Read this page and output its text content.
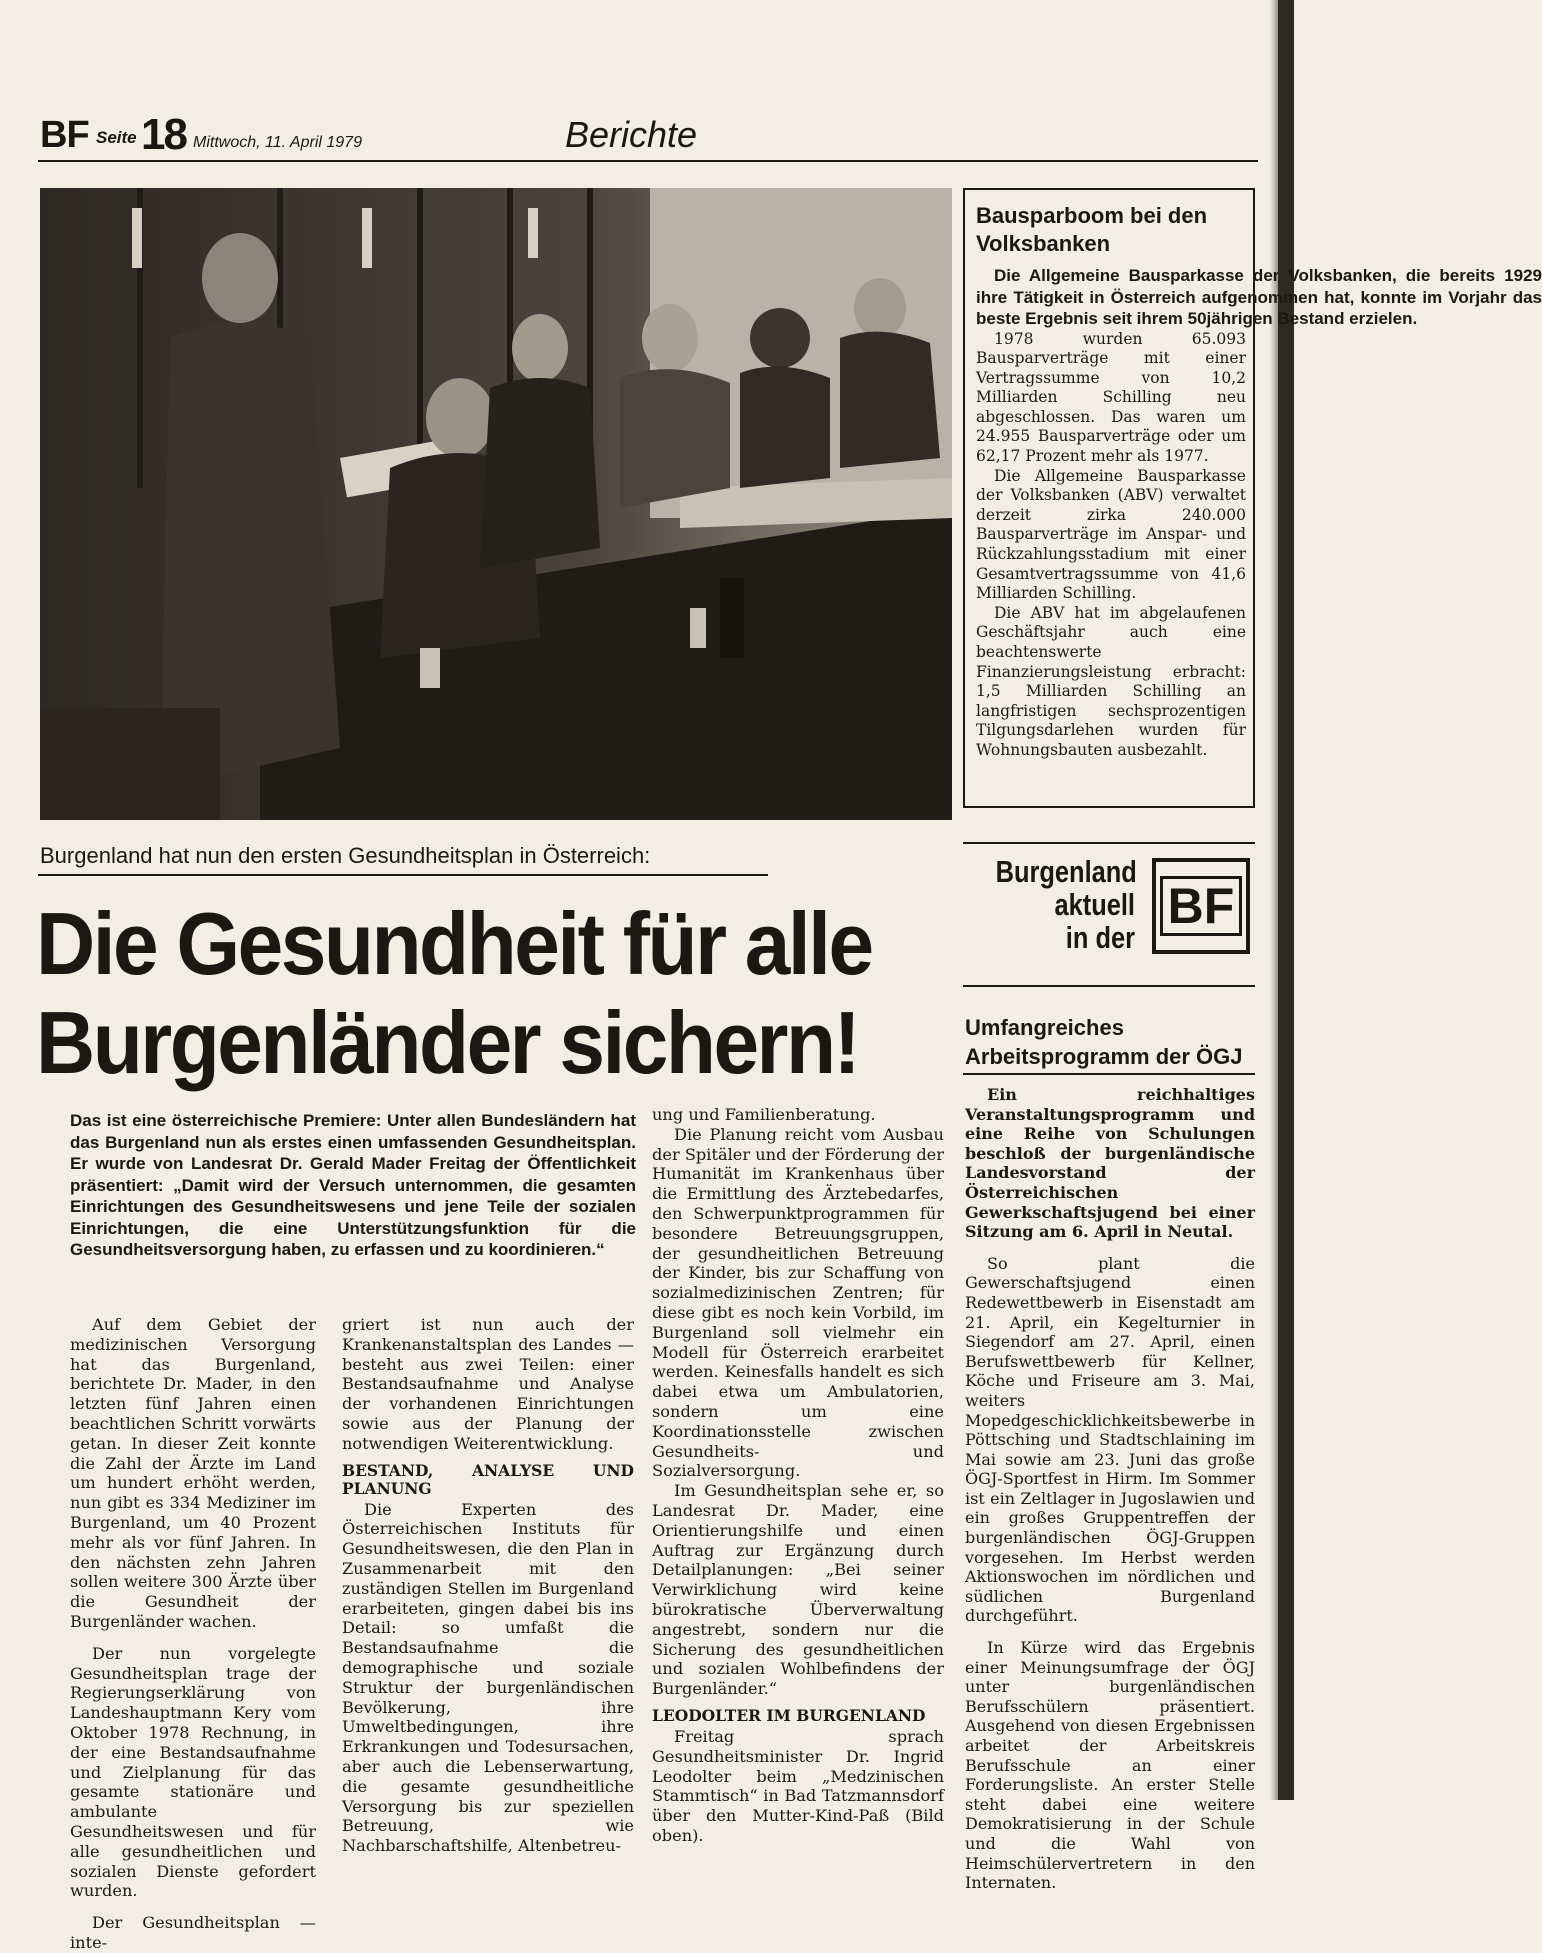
BF Seite 18 Mittwoch, 11. April 1979	Berichte
Bausparboom bei den Volksbanken

Die Allgemeine Bausparkasse der Volksbanken, die bereits 1929 ihre Tätigkeit in Österreich aufgenommen hat, konnte im Vorjahr das beste Ergebnis seit ihrem 50jährigen Bestand erzielen.

1978 wurden 65.093 Bausparverträge mit einer Vertragssumme von 10,2 Milliarden Schilling neu abgeschlossen. Das waren um 24.955 Bausparverträge oder um 62,17 Prozent mehr als 1977.

Die Allgemeine Bausparkasse der Volksbanken (ABV) verwaltet derzeit zirka 240.000 Bausparverträge im Anspar- und Rückzahlungsstadium mit einer Gesamtvertragssumme von 41,6 Milliarden Schilling.

Die ABV hat im abgelaufenen Geschäftsjahr auch eine beachtenswerte Finanzierungsleistung erbracht: 1,5 Milliarden Schilling an langfristigen sechsprozentigen Tilgungsdarlehen wurden für Wohnungsbauten ausbezahlt.

Burgenland hat nun den ersten Gesundheitsplan in Österreich:
Die Gesundheit für alle
Burgenländer sichern!
Burgenland
aktuell
in der
BF
Umfangreiches Arbeitsprogramm der ÖGJ

Ein reichhaltiges Veranstaltungsprogramm und eine Reihe von Schulungen beschloß der burgenländische Landesvorstand der Österreichischen Gewerkschaftsjugend bei einer Sitzung am 6. April in Neutal.

So plant die Gewerschaftsjugend einen Redewettbewerb in Eisenstadt am 21. April, ein Kegelturnier in Siegendorf am 27. April, einen Berufswettbewerb für Kellner, Köche und Friseure am 3. Mai, weiters Mopedgeschicklichkeitsbewerbe in Pöttsching und Stadtschlaining im Mai sowie am 23. Juni das große ÖGJ-Sportfest in Hirm. Im Sommer ist ein Zeltlager in Jugoslawien und ein großes Gruppentreffen der burgenländischen ÖGJ-Gruppen vorgesehen. Im Herbst werden Aktionswochen im nördlichen und südlichen Burgenland durchgeführt.

In Kürze wird das Ergebnis einer Meinungsumfrage der ÖGJ unter burgenländischen Berufsschülern präsentiert. Ausgehend von diesen Ergebnissen arbeitet der Arbeitskreis Berufsschule an einer Forderungsliste. An erster Stelle steht dabei eine weitere Demokratisierung in der Schule und die Wahl von Heimschülervertretern in den Internaten.

Das ist eine österreichische Premiere: Unter allen Bundesländern hat das Burgenland nun als erstes einen umfassenden Gesundheitsplan. Er wurde von Landesrat Dr. Gerald Mader Freitag der Öffentlichkeit präsentiert: „Damit wird der Versuch unternommen, die gesamten Einrichtungen des Gesundheitswesens und jene Teile der sozialen Einrichtungen, die eine Unterstützungsfunktion für die Gesundheitsversorgung haben, zu erfassen und zu koordinieren.“

Auf dem Gebiet der medizinischen Versorgung hat das Burgenland, berichtete Dr. Mader, in den letzten fünf Jahren einen beachtlichen Schritt vorwärts getan. In dieser Zeit konnte die Zahl der Ärzte im Land um hundert erhöht werden, nun gibt es 334 Mediziner im Burgenland, um 40 Prozent mehr als vor fünf Jahren. In den nächsten zehn Jahren sollen weitere 300 Ärzte über die Gesundheit der Burgenländer wachen.

Der nun vorgelegte Gesundheitsplan trage der Regierungserklärung von Landeshauptmann Kery vom Oktober 1978 Rechnung, in der eine Bestandsaufnahme und Zielplanung für das gesamte stationäre und ambulante Gesundheitswesen und für alle gesundheitlichen und sozialen Dienste gefordert wurden.

Der Gesundheitsplan — inte-

griert ist nun auch der Krankenanstaltsplan des Landes — besteht aus zwei Teilen: einer Bestandsaufnahme und Analyse der vorhandenen Einrichtungen sowie aus der Planung der notwendigen Weiterentwicklung.

BESTAND, ANALYSE UND PLANUNG

Die Experten des Österreichischen Instituts für Gesundheitswesen, die den Plan in Zusammenarbeit mit den zuständigen Stellen im Burgenland erarbeiteten, gingen dabei bis ins Detail: so umfaßt die Bestandsaufnahme die demographische und soziale Struktur der burgenländischen Bevölkerung, ihre Umweltbedingungen, ihre Erkrankungen und Todesursachen, aber auch die Lebenserwartung, die gesamte gesundheitliche Versorgung bis zur speziellen Betreuung, wie Nachbarschaftshilfe, Altenbetreu-

ung und Familienberatung.

Die Planung reicht vom Ausbau der Spitäler und der Förderung der Humanität im Krankenhaus über die Ermittlung des Ärztebedarfes, den Schwerpunktprogrammen für besondere Betreuungsgruppen, der gesundheitlichen Betreuung der Kinder, bis zur Schaffung von sozialmedizinischen Zentren; für diese gibt es noch kein Vorbild, im Burgenland soll vielmehr ein Modell für Österreich erarbeitet werden. Keinesfalls handelt es sich dabei etwa um Ambulatorien, sondern um eine Koordinationsstelle zwischen Gesundheits- und Sozialversorgung.

Im Gesundheitsplan sehe er, so Landesrat Dr. Mader, eine Orientierungshilfe und einen Auftrag zur Ergänzung durch Detailplanungen: „Bei seiner Verwirklichung wird keine bürokratische Überverwaltung angestrebt, sondern nur die Sicherung des gesundheitlichen und sozialen Wohlbefindens der Burgenländer.“

LEODOLTER IM BURGENLAND

Freitag sprach Gesundheitsminister Dr. Ingrid Leodolter beim „Medzinischen Stammtisch“ in Bad Tatzmannsdorf über den Mutter-Kind-Paß (Bild oben).
